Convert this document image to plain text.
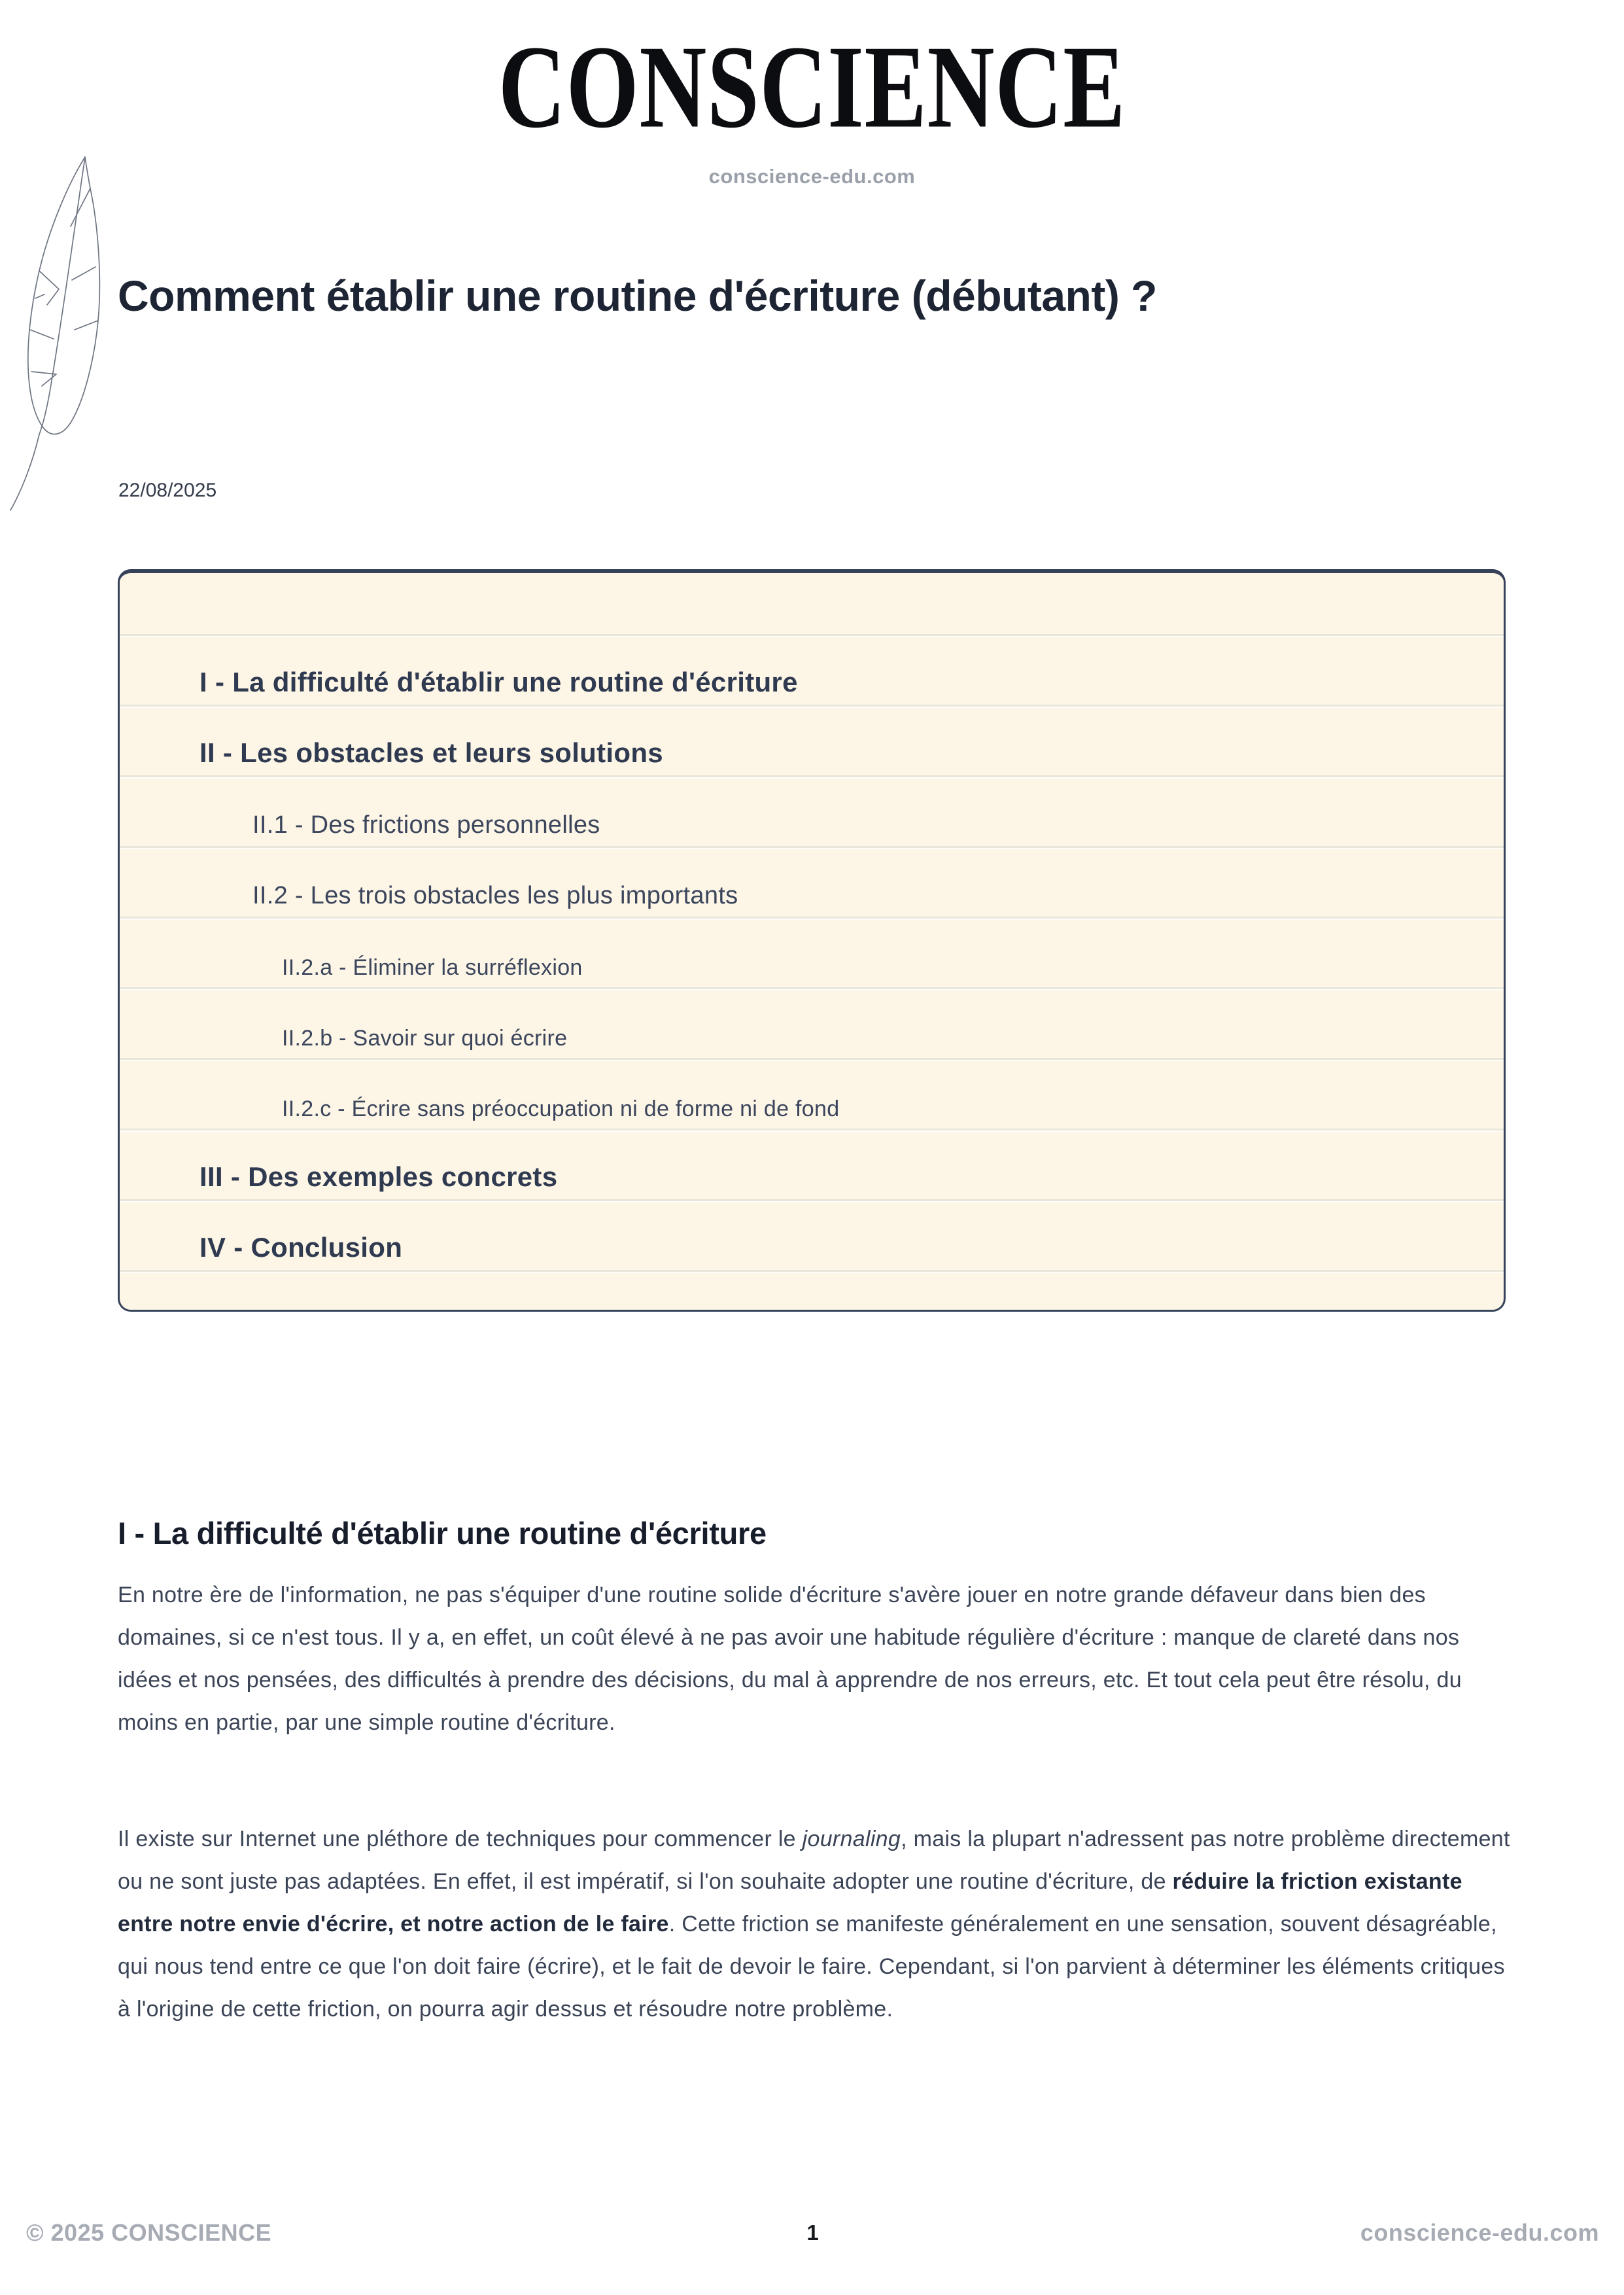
CONSCIENCE
conscience-edu.com
Comment établir une routine d'écriture (débutant) ?
22/08/2025
I - La difficulté d'établir une routine d'écriture
II - Les obstacles et leurs solutions
II.1 - Des frictions personnelles
II.2 - Les trois obstacles les plus importants
II.2.a - Éliminer la surréflexion
II.2.b - Savoir sur quoi écrire
II.2.c - Écrire sans préoccupation ni de forme ni de fond
III - Des exemples concrets
IV - Conclusion
I - La difficulté d'établir une routine d'écriture

En notre ère de l'information, ne pas s'équiper d'une routine solide d'écriture s'avère jouer en notre grande défaveur dans bien des domaines, si ce n'est tous. Il y a, en effet, un coût élevé à ne pas avoir une habitude régulière d'écriture : manque de clareté dans nos idées et nos pensées, des difficultés à prendre des décisions, du mal à apprendre de nos erreurs, etc. Et tout cela peut être résolu, du moins en partie, par une simple routine d'écriture.

Il existe sur Internet une pléthore de techniques pour commencer le journaling, mais la plupart n'adressent pas notre problème directement ou ne sont juste pas adaptées. En effet, il est impératif, si l'on souhaite adopter une routine d'écriture, de réduire la friction existante entre notre envie d'écrire, et notre action de le faire. Cette friction se manifeste généralement en une sensation, souvent désagréable, qui nous tend entre ce que l'on doit faire (écrire), et le fait de devoir le faire. Cependant, si l'on parvient à déterminer les éléments critiques à l'origine de cette friction, on pourra agir dessus et résoudre notre problème.

© 2025 CONSCIENCE	1	conscience-edu.com
